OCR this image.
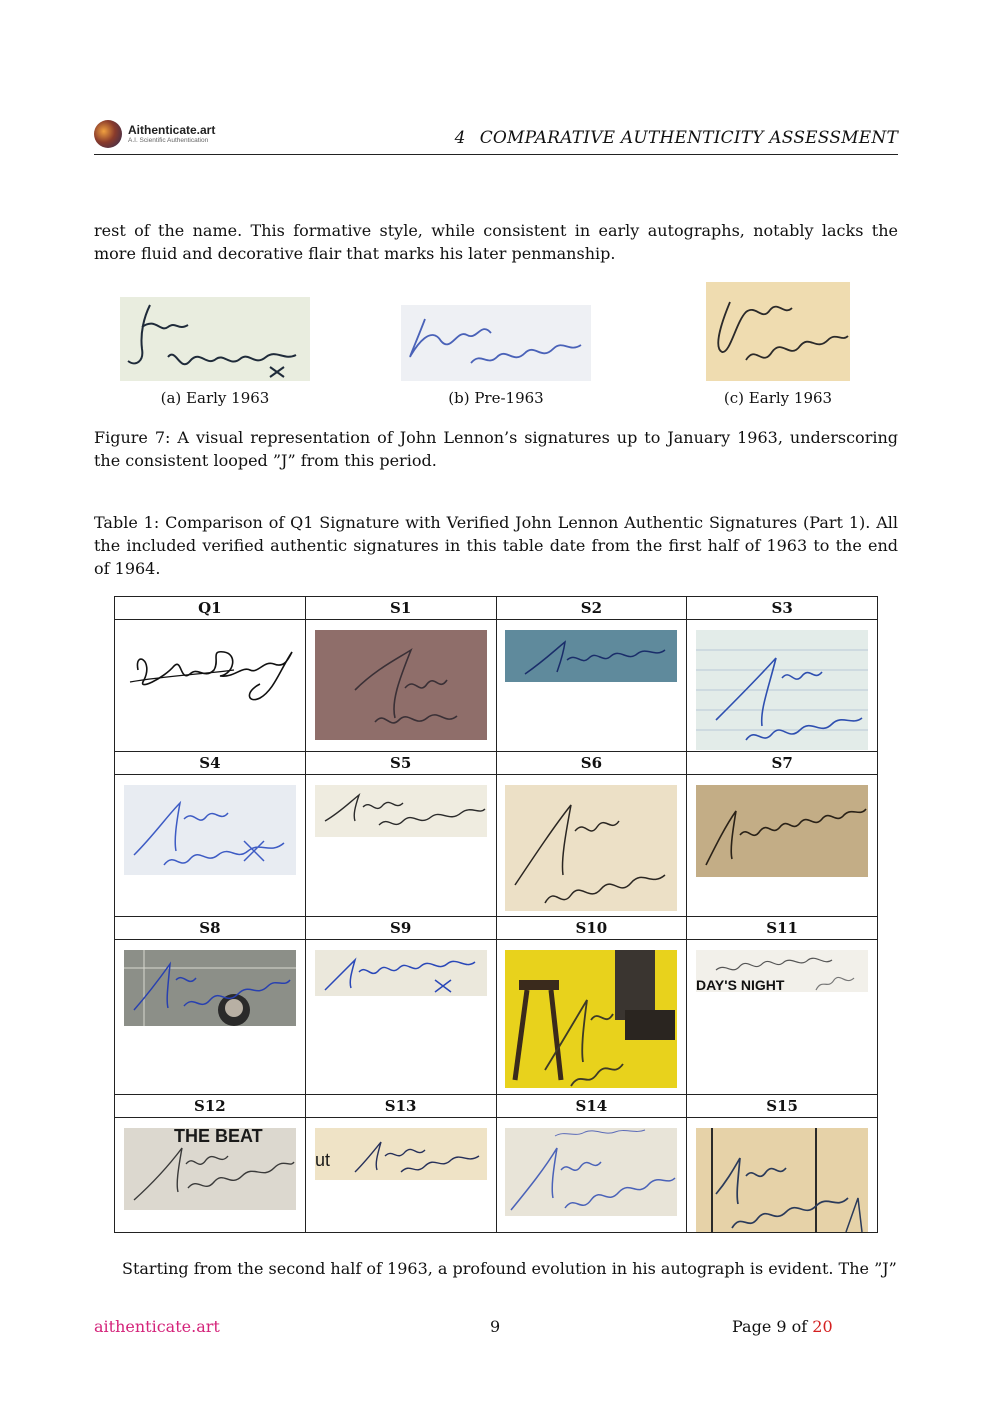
Aithenticate.art
A.I. Scientific Authentication	4 COMPARATIVE AUTHENTICITY ASSESSMENT

rest of the name. This formative style, while consistent in early autographs, notably lacks the more fluid and decorative flair that marks his later penmanship.

(a) Early 1963	(b) Pre-1963	(c) Early 1963

Figure 7: A visual representation of John Lennon’s signatures up to January 1963, underscoring the consistent looped ”J” from this period.

Table 1: Comparison of Q1 Signature with Verified John Lennon Authentic Signatures (Part 1). All the included verified authentic signatures in this table date from the first half of 1963 to the end of 1964.

Q1	S1	S2	S3

S4	S5	S6	S7

S8	S9	S10	S11

DAY'S NIGHT

S12	S13	S14	S15

THE BEAT	ut

Starting from the second half of 1963, a profound evolution in his autograph is evident. The ”J”

aithenticate.art	9	Page 9 of 20
